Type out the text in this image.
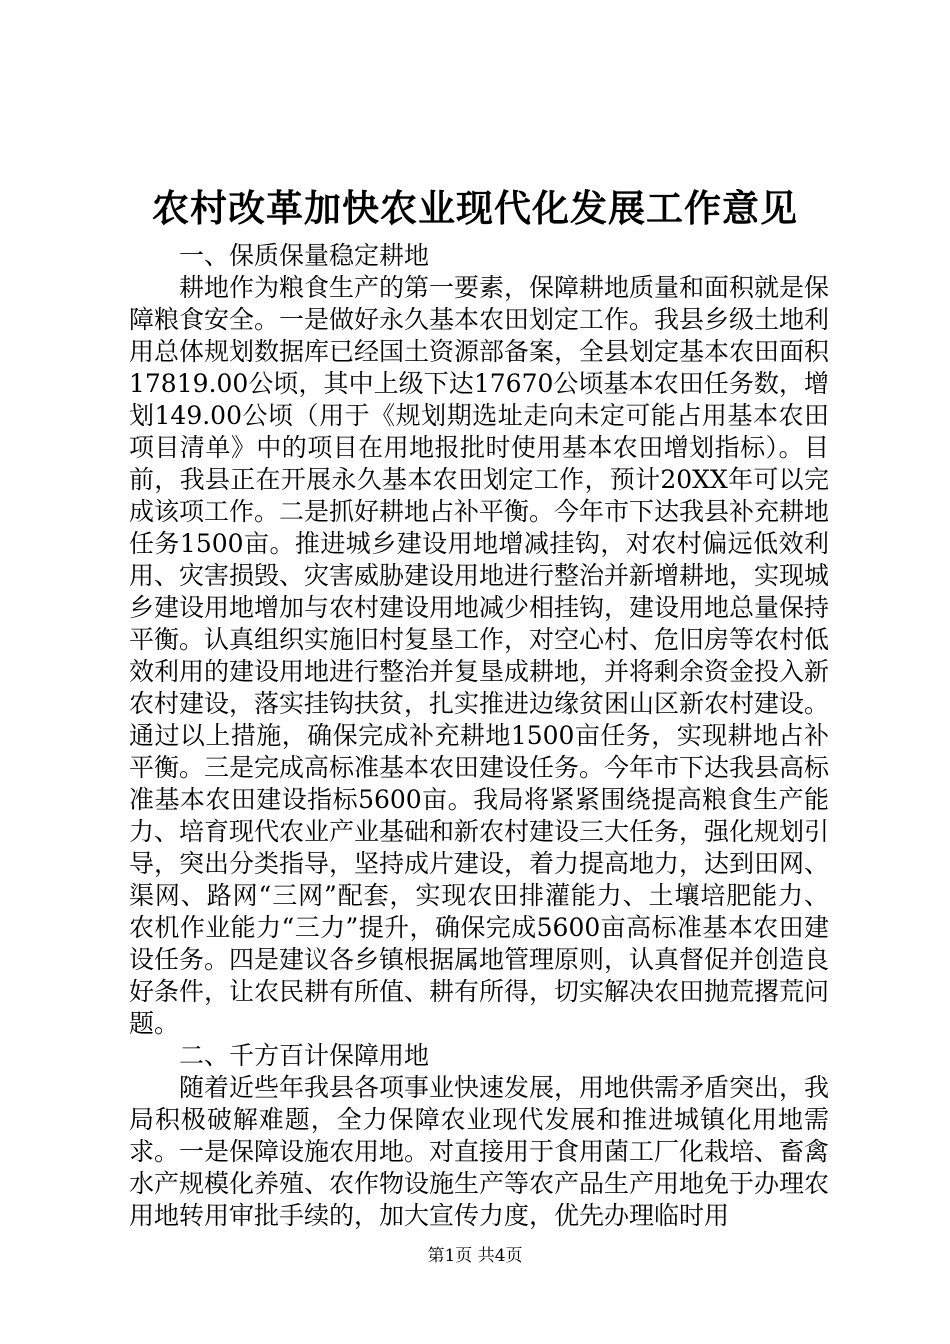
农村改革加快农业现代化发展工作意见

一、保质保量稳定耕地

耕地作为粮食生产的第一要素，保障耕地质量和面积就是保障粮食安全。一是做好永久基本农田划定工作。我县乡级土地利用总体规划数据库已经国土资源部备案，全县划定基本农田面积17819.00公顷，其中上级下达17670公顷基本农田任务数，增划149.00公顷（用于《规划期选址走向未定可能占用基本农田项目清单》中的项目在用地报批时使用基本农田增划指标）。目前，我县正在开展永久基本农田划定工作，预计20XX年可以完成该项工作。二是抓好耕地占补平衡。今年市下达我县补充耕地任务1500亩。推进城乡建设用地增减挂钩，对农村偏远低效利用、灾害损毁、灾害威胁建设用地进行整治并新增耕地，实现城乡建设用地增加与农村建设用地减少相挂钩，建设用地总量保持平衡。认真组织实施旧村复垦工作，对空心村、危旧房等农村低效利用的建设用地进行整治并复垦成耕地，并将剩余资金投入新农村建设，落实挂钩扶贫，扎实推进边缘贫困山区新农村建设。通过以上措施，确保完成补充耕地1500亩任务，实现耕地占补平衡。三是完成高标准基本农田建设任务。今年市下达我县高标准基本农田建设指标5600亩。我局将紧紧围绕提高粮食生产能力、培育现代农业产业基础和新农村建设三大任务，强化规划引导，突出分类指导，坚持成片建设，着力提高地力，达到田网、渠网、路网“三网”配套，实现农田排灌能力、土壤培肥能力、农机作业能力“三力”提升，确保完成5600亩高标准基本农田建设任务。四是建议各乡镇根据属地管理原则，认真督促并创造良好条件，让农民耕有所值、耕有所得，切实解决农田抛荒撂荒问题。

二、千方百计保障用地

随着近些年我县各项事业快速发展，用地供需矛盾突出，我局积极破解难题，全力保障农业现代发展和推进城镇化用地需求。一是保障设施农用地。对直接用于食用菌工厂化栽培、畜禽水产规模化养殖、农作物设施生产等农产品生产用地免于办理农用地转用审批手续的，加大宣传力度，优先办理临时用

第1页 共4页
